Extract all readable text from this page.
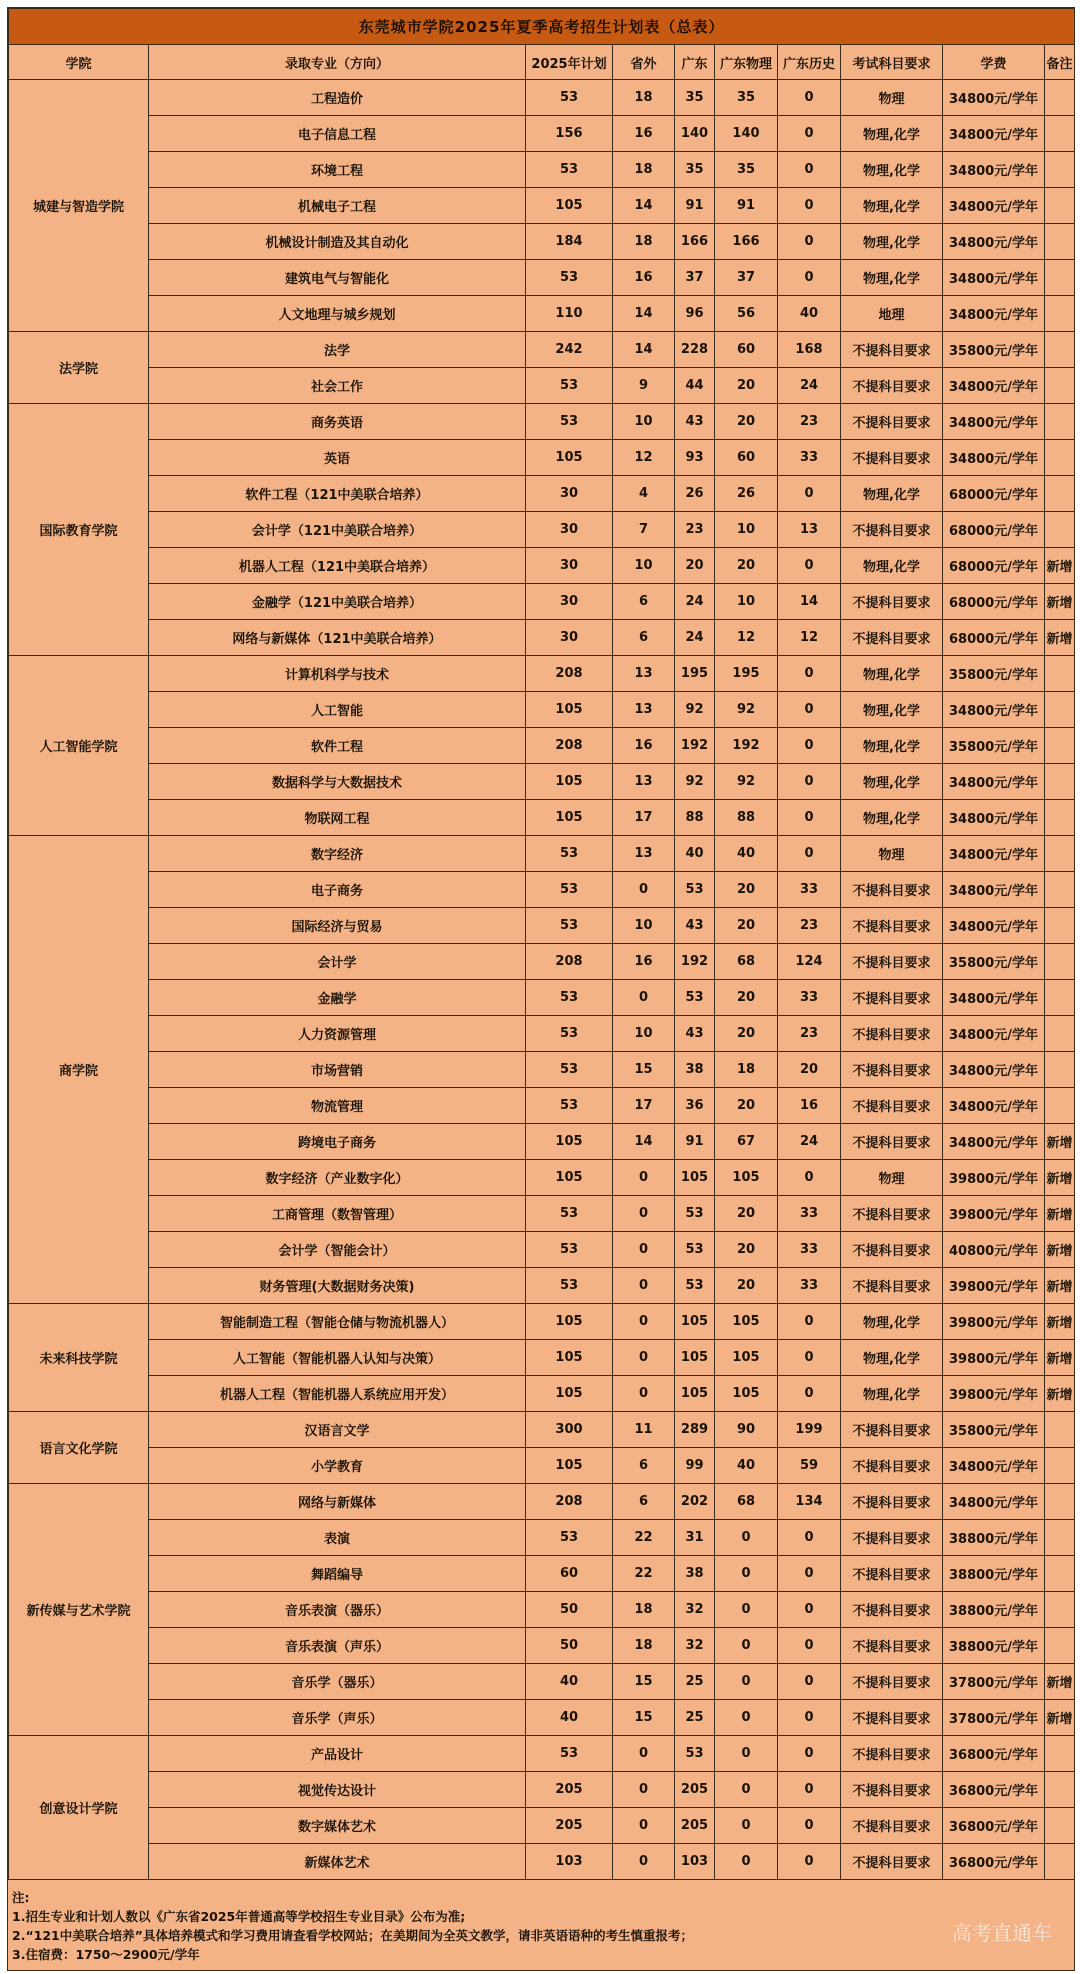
东莞城市学院2025年夏季高考招生计划表（总表）									
学院	录取专业（方向）	2025年计划	省外	广东	广东物理	广东历史	考试科目要求	学费	备注
城建与智造学院	工程造价	53	18	35	35	0	物理	34800元/学年	
	电子信息工程	156	16	140	140	0	物理,化学	34800元/学年	
	环境工程	53	18	35	35	0	物理,化学	34800元/学年	
	机械电子工程	105	14	91	91	0	物理,化学	34800元/学年	
	机械设计制造及其自动化	184	18	166	166	0	物理,化学	34800元/学年	
	建筑电气与智能化	53	16	37	37	0	物理,化学	34800元/学年	
	人文地理与城乡规划	110	14	96	56	40	地理	34800元/学年	
法学院	法学	242	14	228	60	168	不提科目要求	35800元/学年	
	社会工作	53	9	44	20	24	不提科目要求	34800元/学年	
国际教育学院	商务英语	53	10	43	20	23	不提科目要求	34800元/学年	
	英语	105	12	93	60	33	不提科目要求	34800元/学年	
	软件工程（121中美联合培养）	30	4	26	26	0	物理,化学	68000元/学年	
	会计学（121中美联合培养）	30	7	23	10	13	不提科目要求	68000元/学年	
	机器人工程（121中美联合培养）	30	10	20	20	0	物理,化学	68000元/学年	新增
	金融学（121中美联合培养）	30	6	24	10	14	不提科目要求	68000元/学年	新增
	网络与新媒体（121中美联合培养）	30	6	24	12	12	不提科目要求	68000元/学年	新增
人工智能学院	计算机科学与技术	208	13	195	195	0	物理,化学	35800元/学年	
	人工智能	105	13	92	92	0	物理,化学	34800元/学年	
	软件工程	208	16	192	192	0	物理,化学	35800元/学年	
	数据科学与大数据技术	105	13	92	92	0	物理,化学	34800元/学年	
	物联网工程	105	17	88	88	0	物理,化学	34800元/学年	
商学院	数字经济	53	13	40	40	0	物理	34800元/学年	
	电子商务	53	0	53	20	33	不提科目要求	34800元/学年	
	国际经济与贸易	53	10	43	20	23	不提科目要求	34800元/学年	
	会计学	208	16	192	68	124	不提科目要求	35800元/学年	
	金融学	53	0	53	20	33	不提科目要求	34800元/学年	
	人力资源管理	53	10	43	20	23	不提科目要求	34800元/学年	
	市场营销	53	15	38	18	20	不提科目要求	34800元/学年	
	物流管理	53	17	36	20	16	不提科目要求	34800元/学年	
	跨境电子商务	105	14	91	67	24	不提科目要求	34800元/学年	新增
	数字经济（产业数字化）	105	0	105	105	0	物理	39800元/学年	新增
	工商管理（数智管理）	53	0	53	20	33	不提科目要求	39800元/学年	新增
	会计学（智能会计）	53	0	53	20	33	不提科目要求	40800元/学年	新增
	财务管理(大数据财务决策)	53	0	53	20	33	不提科目要求	39800元/学年	新增
未来科技学院	智能制造工程（智能仓储与物流机器人）	105	0	105	105	0	物理,化学	39800元/学年	新增
	人工智能（智能机器人认知与决策）	105	0	105	105	0	物理,化学	39800元/学年	新增
	机器人工程（智能机器人系统应用开发）	105	0	105	105	0	物理,化学	39800元/学年	新增
语言文化学院	汉语言文学	300	11	289	90	199	不提科目要求	35800元/学年	
	小学教育	105	6	99	40	59	不提科目要求	34800元/学年	
新传媒与艺术学院	网络与新媒体	208	6	202	68	134	不提科目要求	34800元/学年	
	表演	53	22	31	0	0	不提科目要求	38800元/学年	
	舞蹈编导	60	22	38	0	0	不提科目要求	38800元/学年	
	音乐表演（器乐）	50	18	32	0	0	不提科目要求	38800元/学年	
	音乐表演（声乐）	50	18	32	0	0	不提科目要求	38800元/学年	
	音乐学（器乐）	40	15	25	0	0	不提科目要求	37800元/学年	新增
	音乐学（声乐）	40	15	25	0	0	不提科目要求	37800元/学年	新增
创意设计学院	产品设计	53	0	53	0	0	不提科目要求	36800元/学年	
	视觉传达设计	205	0	205	0	0	不提科目要求	36800元/学年	
	数字媒体艺术	205	0	205	0	0	不提科目要求	36800元/学年	
	新媒体艺术	103	0	103	0	0	不提科目要求	36800元/学年	
注:
1.招生专业和计划人数以《广东省2025年普通高等学校招生专业目录》公布为准;
2.“121中美联合培养”具体培养模式和学习费用请查看学校网站；在美期间为全英文教学，请非英语语种的考生慎重报考；
3.住宿费：1750～2900元/学年
高考直通车
